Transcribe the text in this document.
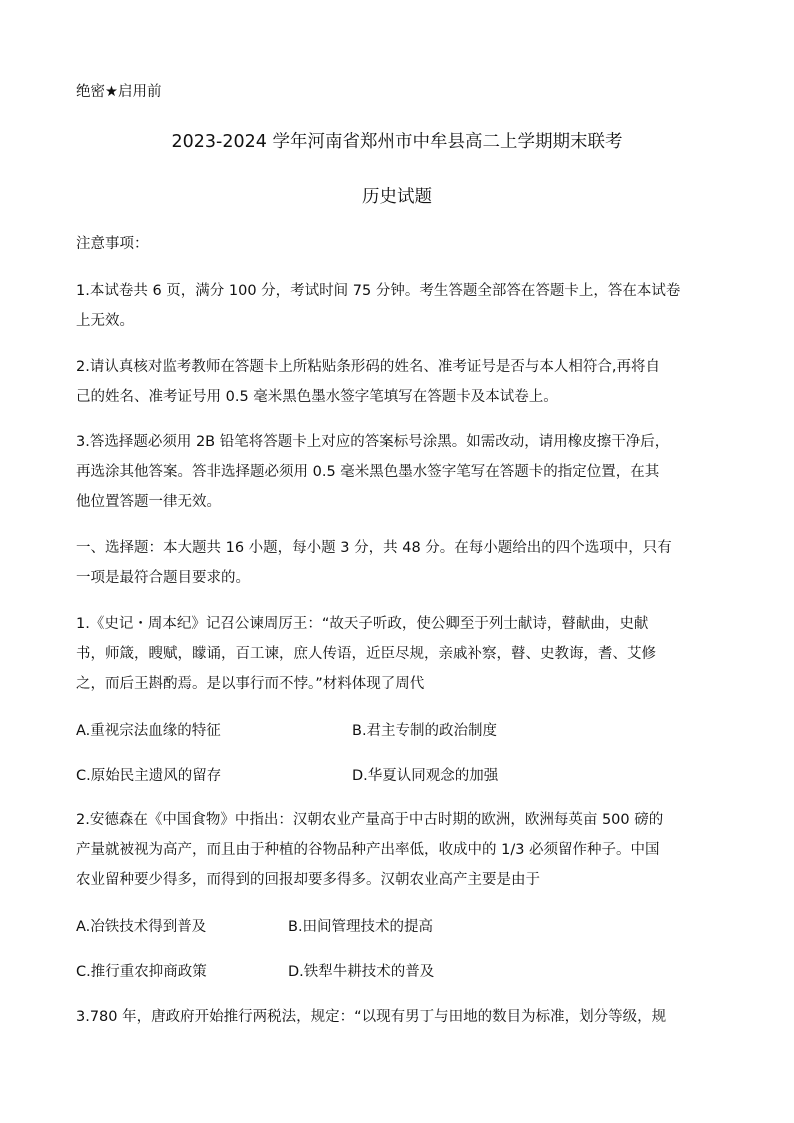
绝密★启用前
2023-2024 学年河南省郑州市中牟县高二上学期期末联考
历史试题
注意事项：
1.本试卷共 6 页，满分 100 分，考试时间 75 分钟。考生答题全部答在答题卡上，答在本试卷
上无效。
2.请认真核对监考教师在答题卡上所粘贴条形码的姓名、准考证号是否与本人相符合,再将自
己的姓名、准考证号用 0.5 毫米黑色墨水签字笔填写在答题卡及本试卷上。
3.答选择题必须用 2B 铅笔将答题卡上对应的答案标号涂黑。如需改动，请用橡皮擦干净后，
再选涂其他答案。答非选择题必须用 0.5 毫米黑色墨水签字笔写在答题卡的指定位置，在其
他位置答题一律无效。
一、选择题：本大题共 16 小题，每小题 3 分，共 48 分。在每小题给出的四个选项中，只有
一项是最符合题目要求的。
1.《史记・周本纪》记召公谏周厉王：“故天子听政，使公卿至于列士献诗，瞽献曲，史献
书，师箴，瞍赋，矇诵，百工谏，庶人传语，近臣尽规，亲戚补察，瞽、史教诲，耆、艾修
之，而后王斟酌焉。是以事行而不悖。”材料体现了周代
A.重视宗法血缘的特征	B.君主专制的政治制度
C.原始民主遗风的留存	D.华夏认同观念的加强
2.安德森在《中国食物》中指出：汉朝农业产量高于中古时期的欧洲，欧洲每英亩 500 磅的
产量就被视为高产，而且由于种植的谷物品种产出率低，收成中的 1/3 必须留作种子。中国
农业留种要少得多，而得到的回报却要多得多。汉朝农业高产主要是由于
A.冶铁技术得到普及	B.田间管理技术的提高
C.推行重农抑商政策	D.铁犁牛耕技术的普及
3.780 年，唐政府开始推行两税法，规定：“以现有男丁与田地的数目为标准，划分等级，规
